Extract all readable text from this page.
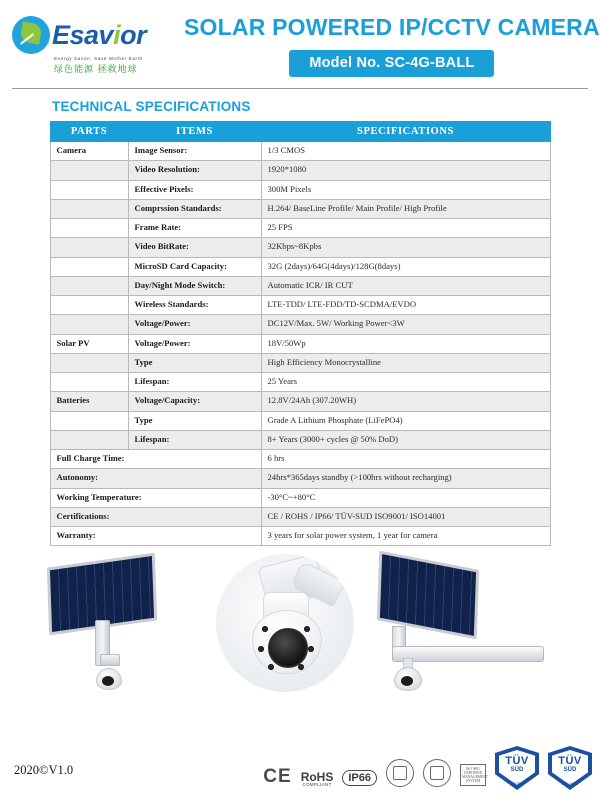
Esavior
Energy Savior, Save Mother Earth
绿色能源 拯救地球
SOLAR POWERED IP/CCTV CAMERA
Model No. SC-4G-BALL
TECHNICAL SPECIFICATIONS
PARTS	ITEMS	SPECIFICATIONS
Camera	Image Sensor:	1/3 CMOS
	Video Resolution:	1920*1080
	Effective Pixels:	300M Pixels
	Comprssion Standards:	H.264/ BaseLine Profile/ Main Profile/ High Profile
	Frame Rate:	25 FPS
	Video BitRate:	32Kbps~8Kpbs
	MicroSD Card Capacity:	32G (2days)/64G(4days)/128G(8days)
	Day/Night Mode Switch:	Automatic ICR/ IR CUT
	Wireless Standards:	LTE-TDD/ LTE-FDD/TD-SCDMA/EVDO
	Voltage/Power:	DC12V/Max. 5W/ Working Power<3W
Solar PV	Voltage/Power:	18V/50Wp
	Type	High Efficiency Monocrystalline
	Lifespan:	25 Years
Batteries	Voltage/Capacity:	12.8V/24Ah (307.20WH)
	Type	Grade A Lithium Phosphate (LiFePO4)
	Lifespan:	8+ Years (3000+ cycles @ 50% DoD)
Full Charge Time:		6 hrs
Autonomy:		24hrs*365days standby (>100hrs without recharging)
Working Temperature:		-30°C~+80°C
Certifications:		CE / ROHS / IP66/ TÜV-SUD ISO9001/ ISO14001
Warranty:		3 years for solar power system, 1 year for camera
2020©V1.0	CE RoHS
COMPLIANT
IP66
ISO 9001 CERTIFIED MANAGEMENT SYSTEM
TÜV
SÜD
ISO 9001
TÜV
SÜD
ISO 14001
